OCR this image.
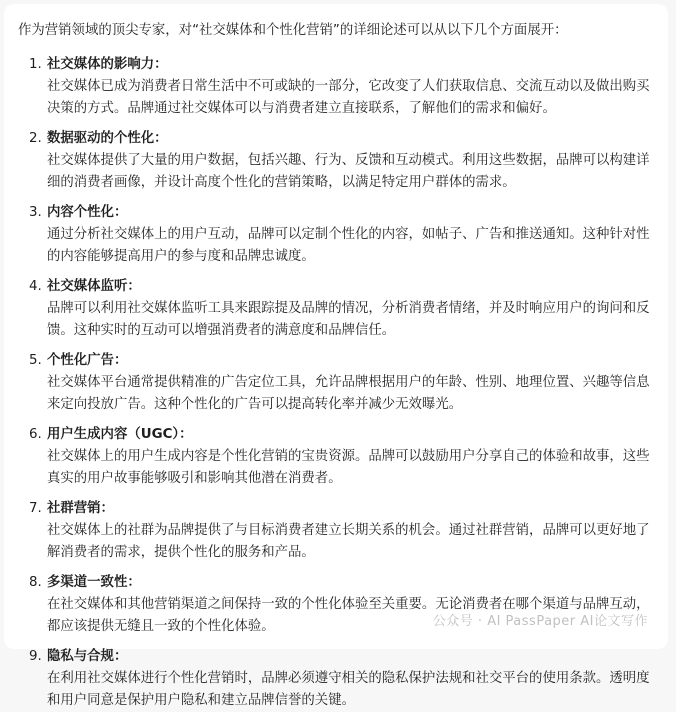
作为营销领域的顶尖专家，对“社交媒体和个性化营销”的详细论述可以从以下几个方面展开：

1. 社交媒体的影响力：
社交媒体已成为消费者日常生活中不可或缺的一部分，它改变了人们获取信息、交流互动以及做出购买决策的方式。品牌通过社交媒体可以与消费者建立直接联系，了解他们的需求和偏好。
2. 数据驱动的个性化：
社交媒体提供了大量的用户数据，包括兴趣、行为、反馈和互动模式。利用这些数据，品牌可以构建详细的消费者画像，并设计高度个性化的营销策略，以满足特定用户群体的需求。
3. 内容个性化：
通过分析社交媒体上的用户互动，品牌可以定制个性化的内容，如帖子、广告和推送通知。这种针对性的内容能够提高用户的参与度和品牌忠诚度。
4. 社交媒体监听：
品牌可以利用社交媒体监听工具来跟踪提及品牌的情况，分析消费者情绪，并及时响应用户的询问和反馈。这种实时的互动可以增强消费者的满意度和品牌信任。
5. 个性化广告：
社交媒体平台通常提供精准的广告定位工具，允许品牌根据用户的年龄、性别、地理位置、兴趣等信息来定向投放广告。这种个性化的广告可以提高转化率并减少无效曝光。
6. 用户生成内容（UGC）：
社交媒体上的用户生成内容是个性化营销的宝贵资源。品牌可以鼓励用户分享自己的体验和故事，这些真实的用户故事能够吸引和影响其他潜在消费者。
7. 社群营销：
社交媒体上的社群为品牌提供了与目标消费者建立长期关系的机会。通过社群营销，品牌可以更好地了解消费者的需求，提供个性化的服务和产品。
8. 多渠道一致性：
在社交媒体和其他营销渠道之间保持一致的个性化体验至关重要。无论消费者在哪个渠道与品牌互动，都应该提供无缝且一致的个性化体验。
9. 隐私与合规：
在利用社交媒体进行个性化营销时，品牌必须遵守相关的隐私保护法规和社交平台的使用条款。透明度和用户同意是保护用户隐私和建立品牌信誉的关键。
公众号 · AI PassPaper AI论文写作
